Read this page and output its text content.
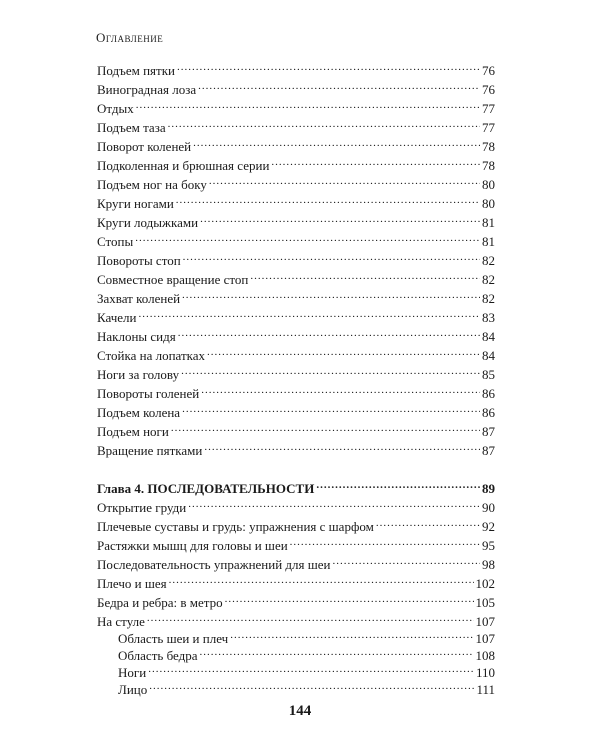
Оглавление
Подъем пятки .....	76
Виноградная лоза .....	76
Отдых .....	77
Подъем таза .....	77
Поворот коленей .....	78
Подколенная и брюшная серии .....	78
Подъем ног на боку .....	80
Круги ногами .....	80
Круги лодыжками .....	81
Стопы .....	81
Повороты стоп .....	82
Совместное вращение стоп .....	82
Захват коленей .....	82
Качели .....	83
Наклоны сидя .....	84
Стойка на лопатках .....	84
Ноги за голову .....	85
Повороты голеней .....	86
Подъем колена .....	86
Подъем ноги .....	87
Вращение пятками .....	87
Глава 4. ПОСЛЕДОВАТЕЛЬНОСТИ .....	89
Открытие груди .....	90
Плечевые суставы и грудь: упражнения с шарфом .....	92
Растяжки мышц для головы и шеи .....	95
Последовательность упражнений для шеи .....	98
Плечо и шея .....	102
Бедра и ребра: в метро .....	105
На стуле .....	107
Область шеи и плеч .....	107
Область бедра .....	108
Ноги .....	110
Лицо .....	111
144
